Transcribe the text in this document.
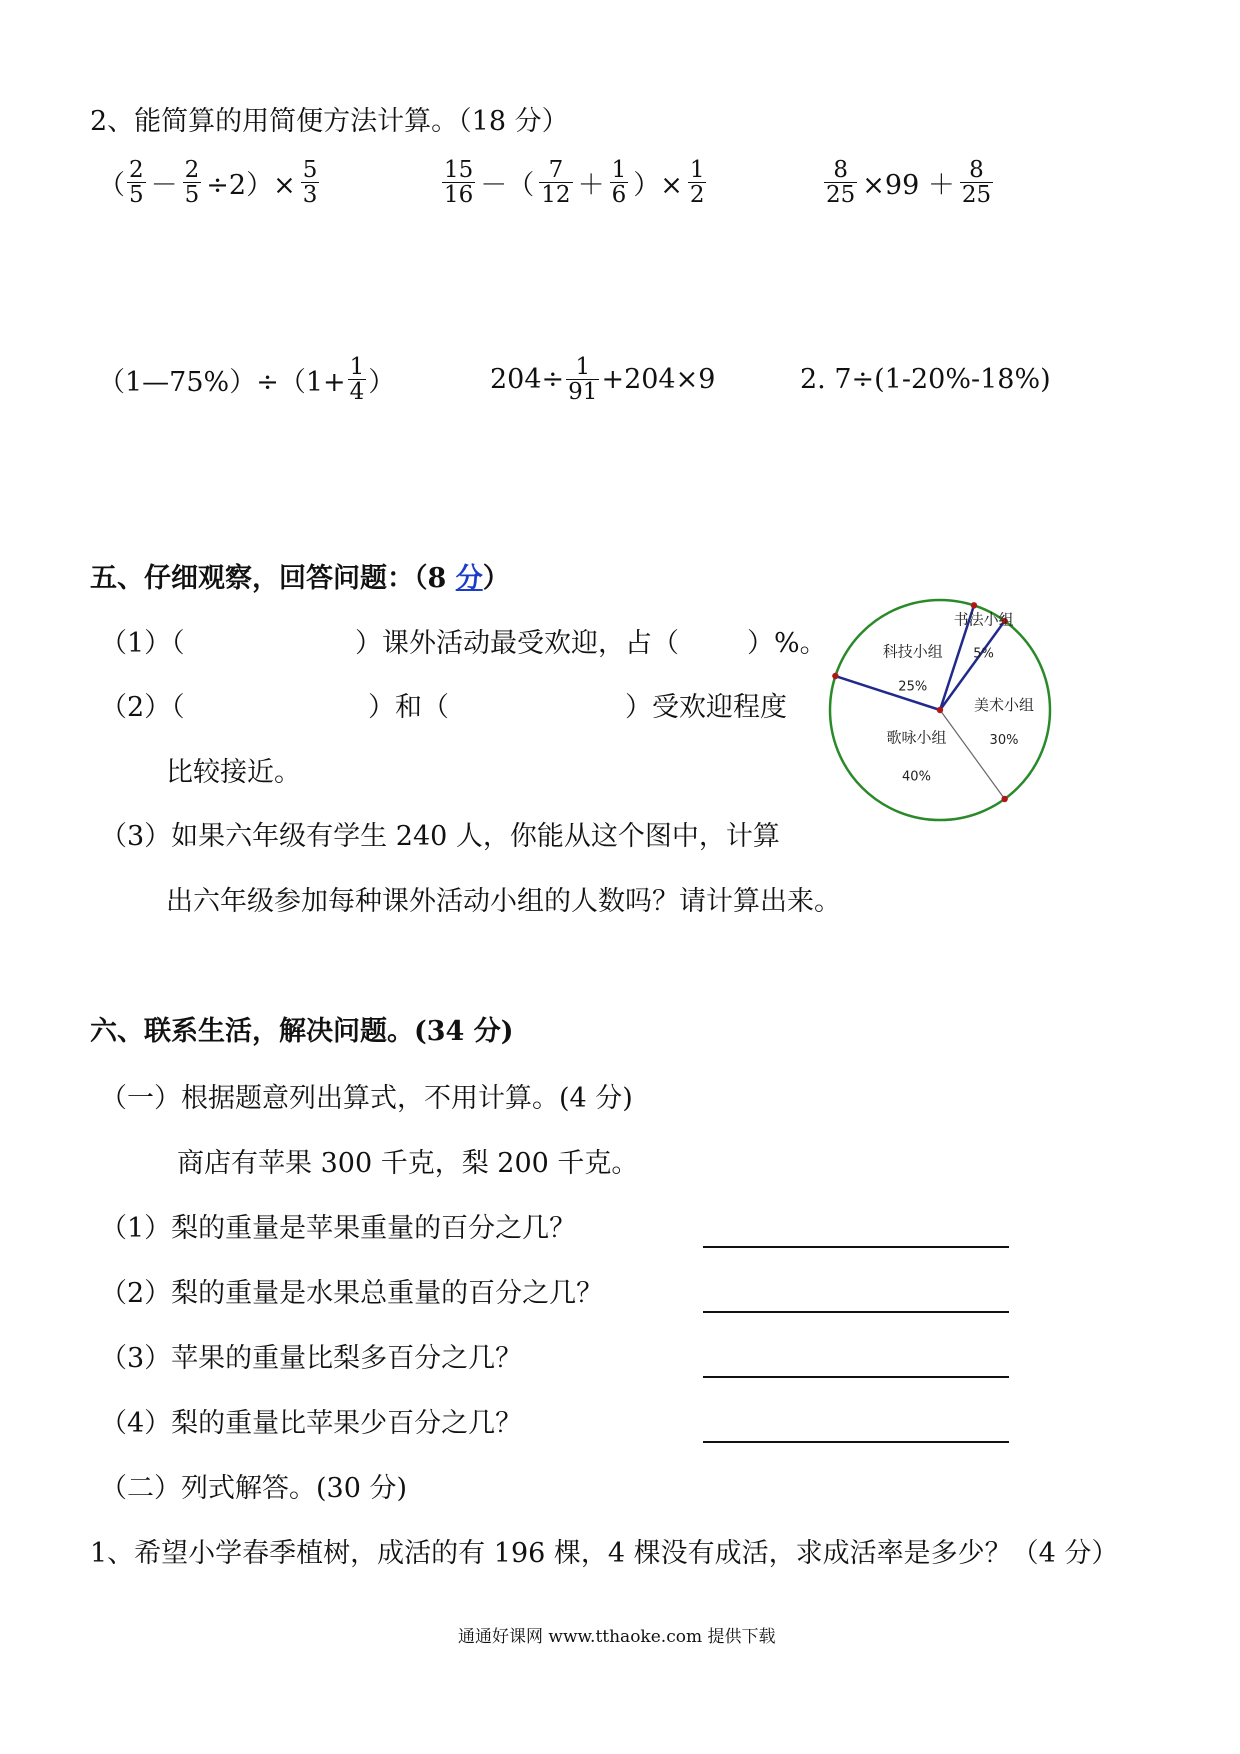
2、能简算的用简便方法计算。（18 分）
（ $\frac{2}{5} - \frac{2}{5} \div 2)\times \frac{5}{3}$	$\frac{15}{16}$ －（ $\frac{7}{12} + \frac{1}{6}$ ）× $\frac{1}{2}$	$\frac{8}{25} \times 99 + \frac{8}{25}$
（1—75%）÷（1+ $\frac{1}{4}$ ）	$204\div \frac{1}{91} +204\times 9$	2. 7÷(1-20%-18%)
五、仔细观察，回答问题：（8 分）
（1）（	）课外活动最受欢迎，占（	）%。
（2）（	）和（	）受欢迎程度
比较接近。
（3）如果六年级有学生 240 人，你能从这个图中，计算
出六年级参加每种课外活动小组的人数吗？请计算出来。
书法小组
5%
美术小组
30%
歌咏小组
40%
科技小组
25%
六、联系生活，解决问题。(34 分)
（一）根据题意列出算式，不用计算。(4 分)
商店有苹果 300 千克，梨 200 千克。
（1）梨的重量是苹果重量的百分之几？
（2）梨的重量是水果总重量的百分之几？
（3）苹果的重量比梨多百分之几？
（4）梨的重量比苹果少百分之几？
（二）列式解答。(30 分)
1、希望小学春季植树，成活的有 196 棵，4 棵没有成活，求成活率是多少？（4 分）
通通好课网 www.tthaoke.com 提供下载
